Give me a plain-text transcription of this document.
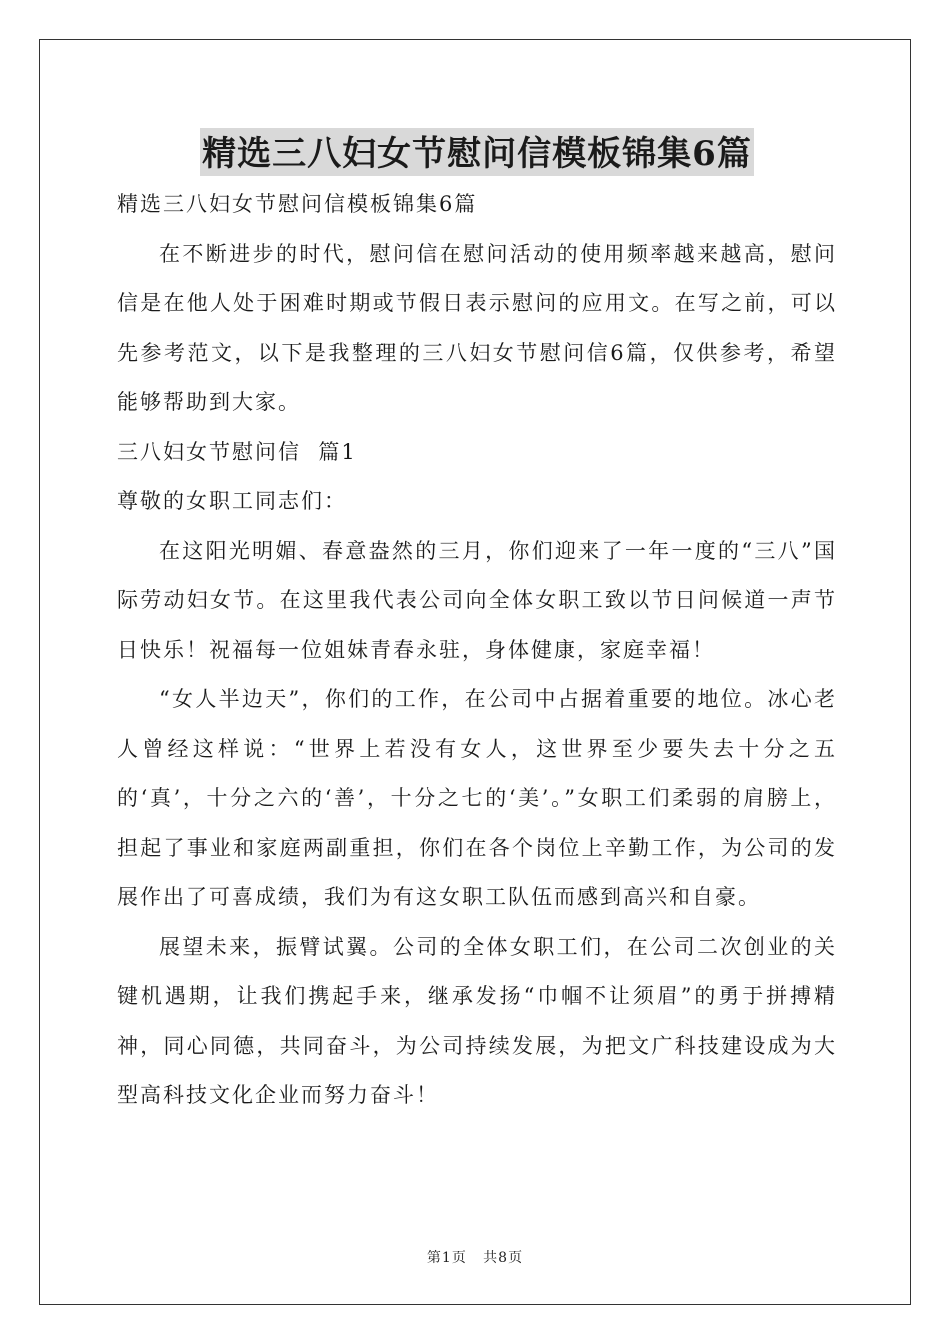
精选三八妇女节慰问信模板锦集6篇

精选三八妇女节慰问信模板锦集6篇

在不断进步的时代，慰问信在慰问活动的使用频率越来越高，慰问信是在他人处于困难时期或节假日表示慰问的应用文。在写之前，可以先参考范文，以下是我整理的三八妇女节慰问信6篇，仅供参考，希望能够帮助到大家。

三八妇女节慰问信  篇1

尊敬的女职工同志们：

在这阳光明媚、春意盎然的三月，你们迎来了一年一度的“三八”国际劳动妇女节。在这里我代表公司向全体女职工致以节日问候道一声节日快乐！祝福每一位姐妹青春永驻，身体健康，家庭幸福！

“女人半边天”，你们的工作，在公司中占据着重要的地位。冰心老人曾经这样说：“世界上若没有女人，这世界至少要失去十分之五的‘真’，十分之六的‘善’，十分之七的‘美’。”女职工们柔弱的肩膀上，担起了事业和家庭两副重担，你们在各个岗位上辛勤工作，为公司的发展作出了可喜成绩，我们为有这女职工队伍而感到高兴和自豪。

展望未来，振臂试翼。公司的全体女职工们，在公司二次创业的关键机遇期，让我们携起手来，继承发扬“巾帼不让须眉”的勇于拼搏精神，同心同德，共同奋斗，为公司持续发展，为把文广科技建设成为大型高科技文化企业而努力奋斗！

第1页   共8页
